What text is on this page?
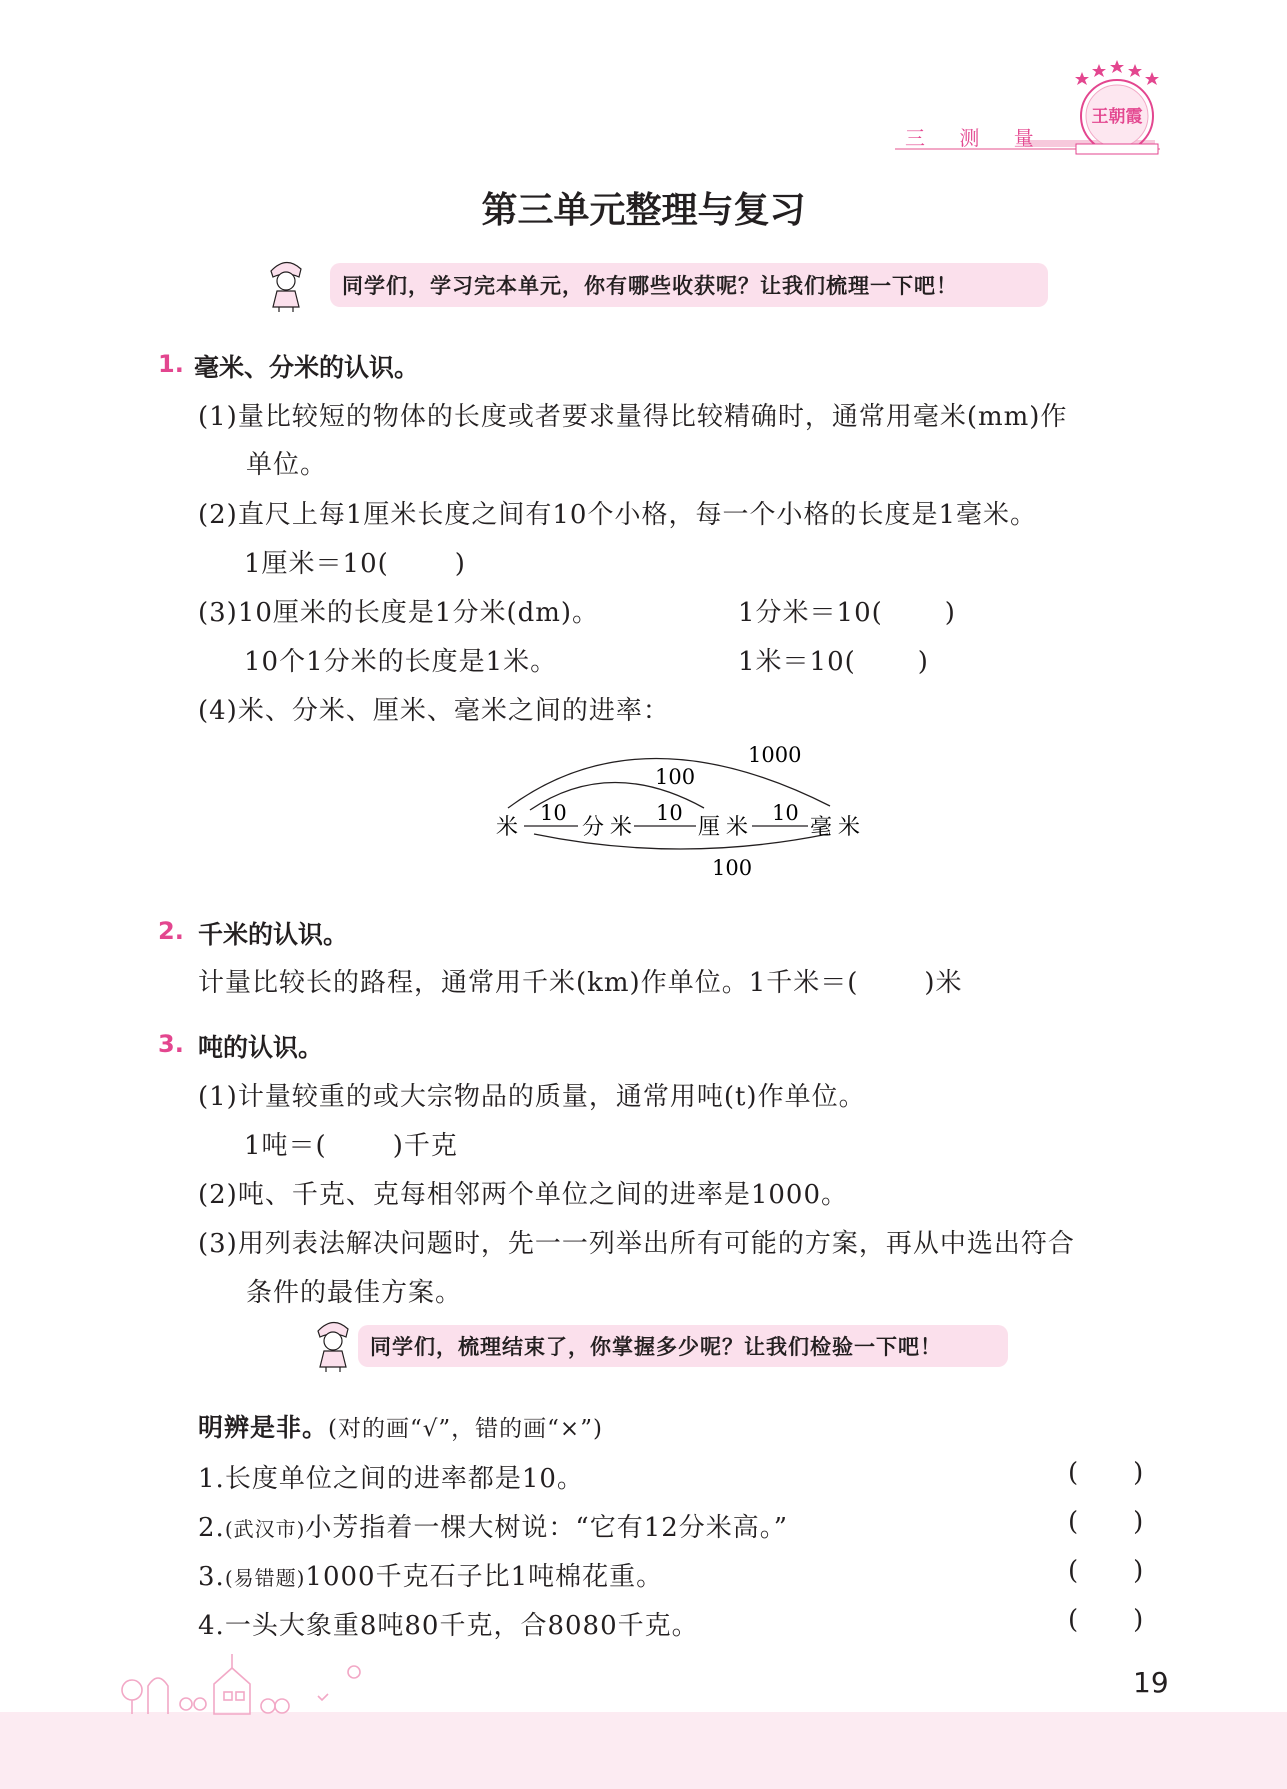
三 测 量
王朝霞
第三单元整理与复习
同学们，学习完本单元，你有哪些收获呢？让我们梳理一下吧！
1. 毫米、分米的认识。
(1)量比较短的物体的长度或者要求量得比较精确时，通常用毫米(mm)作
单位。
(2)直尺上每1厘米长度之间有10个小格，每一个小格的长度是1毫米。
1厘米＝10(	)
(3)10厘米的长度是1分米(dm)。	1分米＝10( )
10个1分米的长度是1米。	1米＝10( )
(4)米、分米、厘米、毫米之间的进率：
米	分米	厘米	毫米
10	10	10
1000
100
100
2. 千米的认识。
计量比较长的路程，通常用千米(km)作单位。1千米＝(	)米
3. 吨的认识。
(1)计量较重的或大宗物品的质量，通常用吨(t)作单位。
1吨＝(	)千克
(2)吨、千克、克每相邻两个单位之间的进率是1000。
(3)用列表法解决问题时，先一一列举出所有可能的方案，再从中选出符合
条件的最佳方案。
同学们，梳理结束了，你掌握多少呢？让我们检验一下吧！
明辨是非。(对的画“√”，错的画“×”)
1.长度单位之间的进率都是10。	( )
2.(武汉市)小芳指着一棵大树说：“它有12分米高。”	( )
3.(易错题)1000千克石子比1吨棉花重。	( )
4.一头大象重8吨80千克，合8080千克。	( )
19
